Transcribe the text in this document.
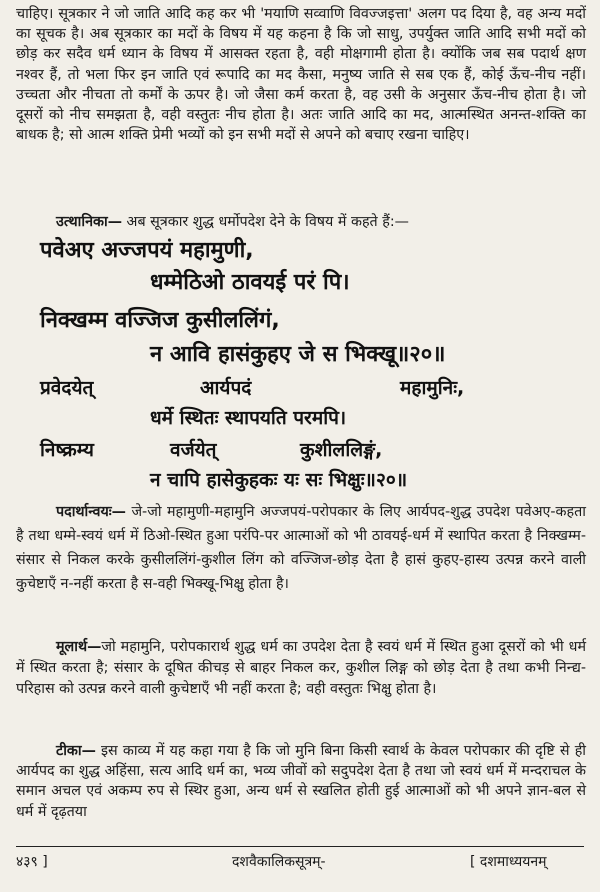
चाहिए। सूत्रकार ने जो जाति आदि कह कर भी 'मयाणि सव्वाणि विवज्जइत्ता' अलग पद दिया है, वह अन्य मदों का सूचक है। अब सूत्रकार का मदों के विषय में यह कहना है कि जो साधु, उपर्युक्त जाति आदि सभी मदों को छोड़ कर सदैव धर्म ध्यान के विषय में आसक्त रहता है, वही मोक्षगामी होता है। क्योंकि जब सब पदार्थ क्षण नश्वर हैं, तो भला फिर इन जाति एवं रूपादि का मद कैसा, मनुष्य जाति से सब एक हैं, कोई ऊँच-नीच नहीं। उच्चता और नीचता तो कर्मों के ऊपर है। जो जैसा कर्म करता है, वह उसी के अनुसार ऊँच-नीच होता है। जो दूसरों को नीच समझता है, वही वस्तुतः नीच होता है। अतः जाति आदि का मद, आत्मस्थित अनन्त-शक्ति का बाधक है; सो आत्म शक्ति प्रेमी भव्यों को इन सभी मदों से अपने को बचाए रखना चाहिए।

उत्थानिका— अब सूत्रकार शुद्ध धर्मोपदेश देने के विषय में कहते हैं:—

पवेअए अज्जपयं महामुणी,
धम्मेठिओ ठावयई परं पि।
निक्खम्म वज्जिज कुसीललिंगं,
न आवि हासंकुहए जे स भिक्खू॥२०॥
प्रवेदयेत्	आर्यपदं	महामुनिः,
धर्मे स्थितः स्थापयति परमपि।
निष्क्रम्य	वर्जयेत्	कुशीललिङ्गं,
न चापि हासेकुहकः यः सः भिक्षुः॥२०॥

पदार्थान्वयः— जे-जो महामुणी-महामुनि अज्जपयं-परोपकार के लिए आर्यपद-शुद्ध उपदेश पवेअए-कहता है तथा धम्मे-स्वयं धर्म में ठिओ-स्थित हुआ परंपि-पर आत्माओं को भी ठावयई-धर्म में स्थापित करता है निक्खम्म-संसार से निकल करके कुसीललिंगं-कुशील लिंग को वज्जिज-छोड़ देता है हासं कुहए-हास्य उत्पन्न करने वाली कुचेष्टाएँ न-नहीं करता है स-वही भिक्खू-भिक्षु होता है।

मूलार्थ—जो महामुनि, परोपकारार्थ शुद्ध धर्म का उपदेश देता है स्वयं धर्म में स्थित हुआ दूसरों को भी धर्म में स्थित करता है; संसार के दूषित कीचड़ से बाहर निकल कर, कुशील लिङ्ग को छोड़ देता है तथा कभी निन्द्य-परिहास को उत्पन्न करने वाली कुचेष्टाएँ भी नहीं करता है; वही वस्तुतः भिक्षु होता है।

टीका— इस काव्य में यह कहा गया है कि जो मुनि बिना किसी स्वार्थ के केवल परोपकार की दृष्टि से ही आर्यपद का शुद्ध अहिंसा, सत्य आदि धर्म का, भव्य जीवों को सदुपदेश देता है तथा जो स्वयं धर्म में मन्दराचल के समान अचल एवं अकम्प रुप से स्थिर हुआ, अन्य धर्म से स्खलित होती हुई आत्माओं को भी अपने ज्ञान-बल से धर्म में दृढ़तया

४३९ ]	दशवैकालिकसूत्रम्-	[ दशमाध्ययनम्
